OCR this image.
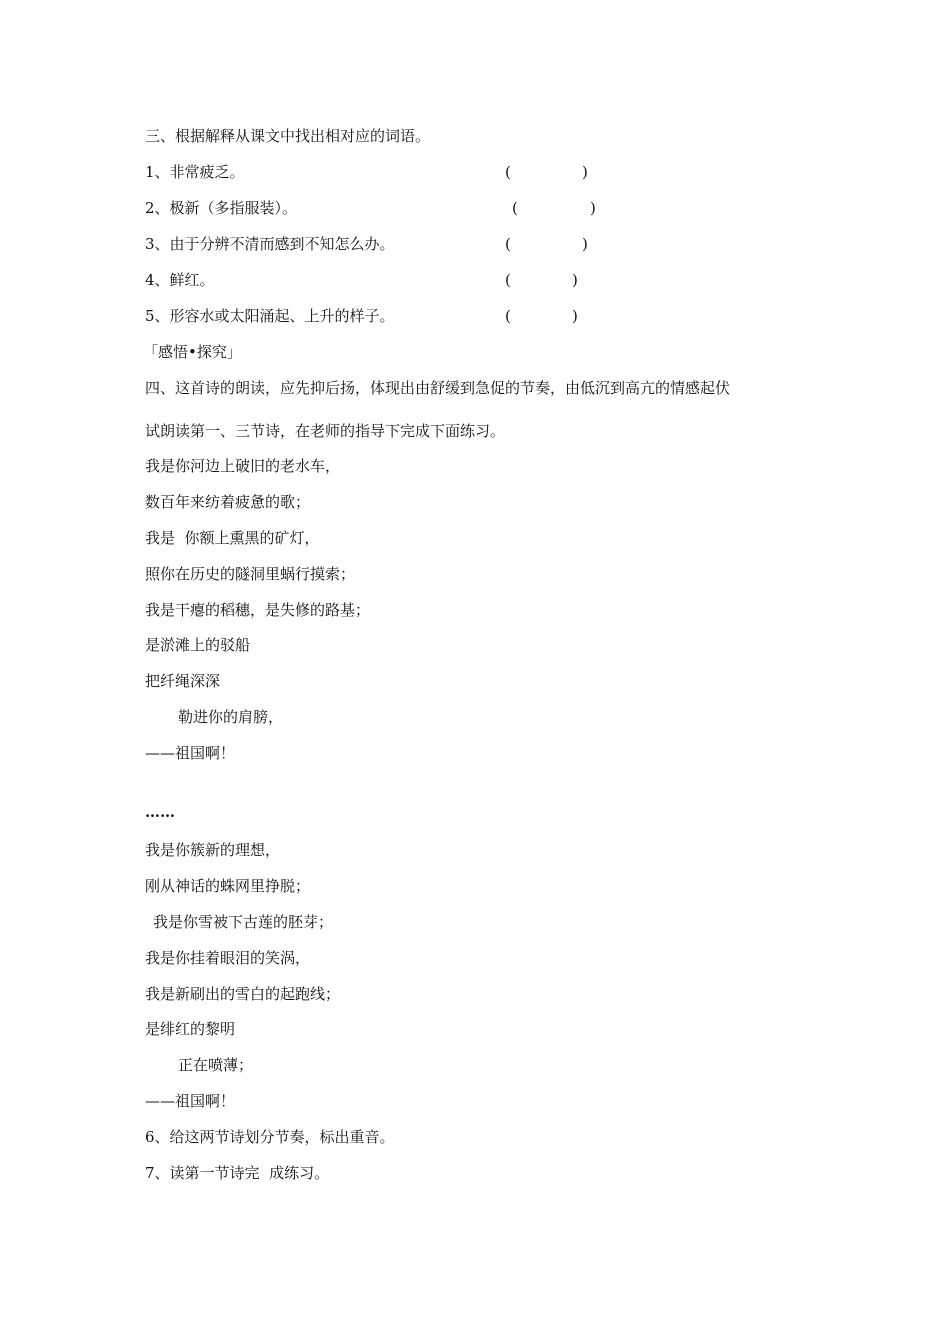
三、根据解释从课文中找出相对应的词语。
1、非常疲乏。	(	)
2、极新（多指服装）。	(	)
3、由于分辨不清而感到不知怎么办。	(	)
4、鲜红。	(	)
5、形容水或太阳涌起、上升的样子。	(	)
「感悟•探究」
四、这首诗的朗读，应先抑后扬，体现出由舒缓到急促的节奏，由低沉到高亢的情感起伏
试朗读第一、三节诗，在老师的指导下完成下面练习。
我是你河边上破旧的老水车，
数百年来纺着疲惫的歌；
我是  你额上熏黑的矿灯，
照你在历史的隧洞里蜗行摸索；
我是干瘪的稻穗，是失修的路基；
是淤滩上的驳船
把纤绳深深
勒进你的肩膀，
——祖国啊！
……
我是你簇新的理想，
刚从神话的蛛网里挣脱；
我是你雪被下古莲的胚芽；
我是你挂着眼泪的笑涡，
我是新刷出的雪白的起跑线；
是绯红的黎明
正在喷薄；
——祖国啊！
6、给这两节诗划分节奏，标出重音。
7、读第一节诗完  成练习。
